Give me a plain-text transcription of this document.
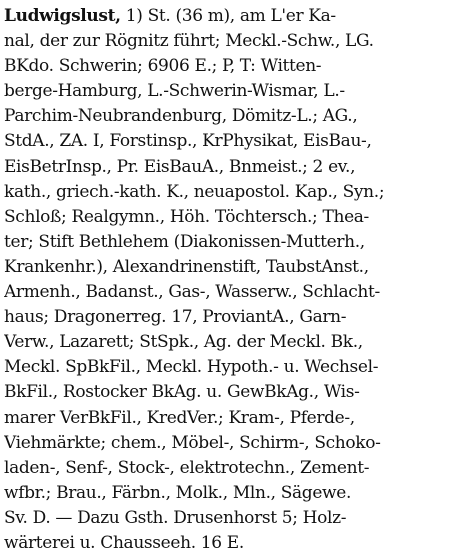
Ludwigslust, 1) St. (36 m), am L'er Ka-
nal, der zur Rögnitz führt; Meckl.-Schw., LG.
BKdo. Schwerin; 6906 E.; P, T: Witten-
berge-Hamburg, L.-Schwerin-Wismar, L.-
Parchim-Neubrandenburg, Dömitz-L.; AG.,
StdA., ZA. I, Forstinsp., KrPhysikat, EisBau-,
EisBetrInsp., Pr. EisBauA., Bnmeist.; 2 ev.,
kath., griech.-kath. K., neuapostol. Kap., Syn.;
Schloß; Realgymn., Höh. Töchtersch.; Thea-
ter; Stift Bethlehem (Diakonissen-Mutterh.,
Krankenhr.), Alexandrinenstift, TaubstAnst.,
Armenh., Badanst., Gas-, Wasserw., Schlacht-
haus; Dragonerreg. 17, ProviantA., Garn-
Verw., Lazarett; StSpk., Ag. der Meckl. Bk.,
Meckl. SpBkFil., Meckl. Hypoth.- u. Wechsel-
BkFil., Rostocker BkAg. u. GewBkAg., Wis-
marer VerBkFil., KredVer.; Kram-, Pferde-,
Viehmärkte; chem., Möbel-, Schirm-, Schoko-
laden-, Senf-, Stock-, elektrotechn., Zement-
wfbr.; Brau., Färbn., Molk., Mln., Sägewe.
Sv. D. — Dazu Gsth. Drusenhorst 5; Holz-
wärterei u. Chausseeh. 16 E.
